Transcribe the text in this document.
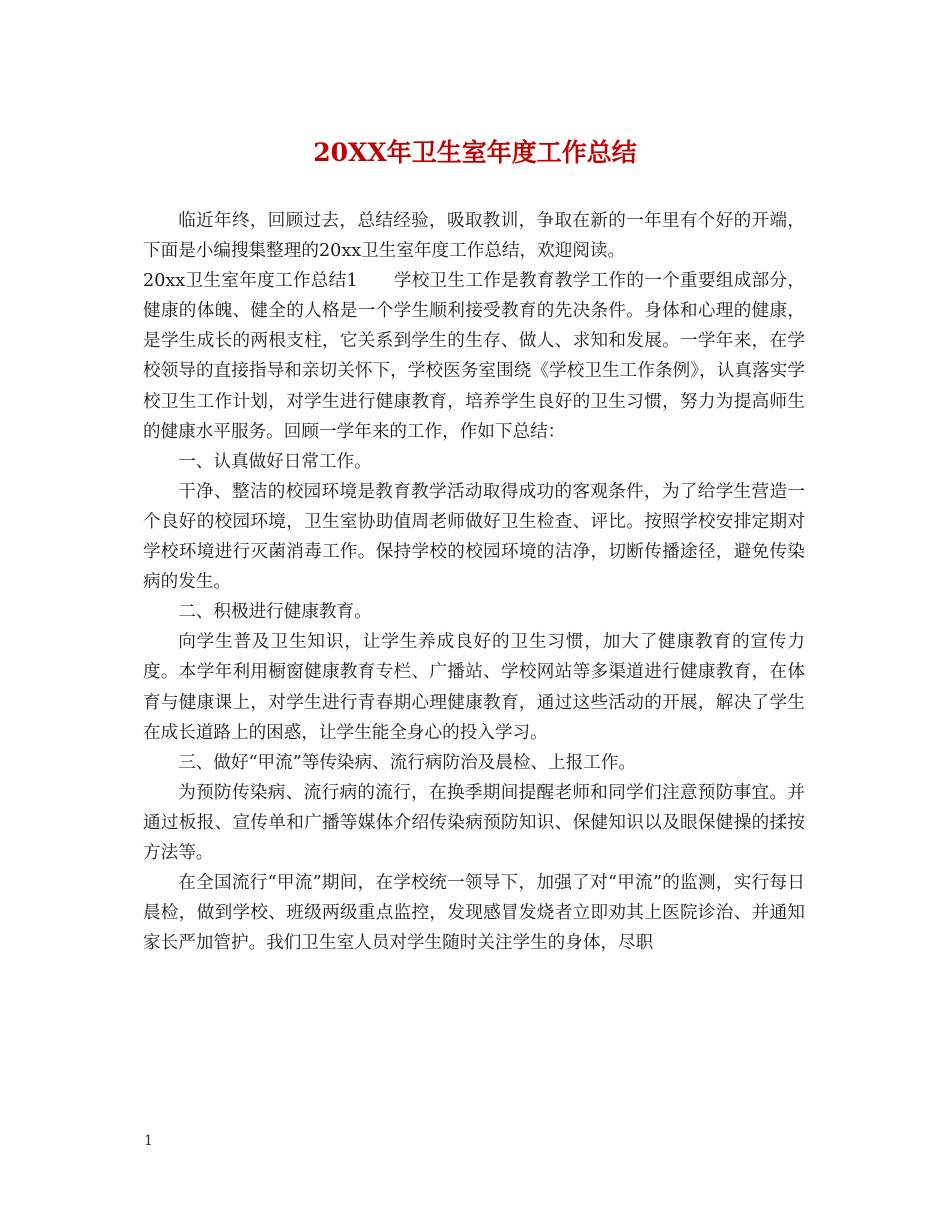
20XX年卫生室年度工作总结

临近年终，回顾过去，总结经验，吸取教训，争取在新的一年里有个好的开端，下面是小编搜集整理的20xx卫生室年度工作总结，欢迎阅读。

20xx卫生室年度工作总结1　　学校卫生工作是教育教学工作的一个重要组成部分，健康的体魄、健全的人格是一个学生顺利接受教育的先决条件。身体和心理的健康，是学生成长的两根支柱，它关系到学生的生存、做人、求知和发展。一学年来，在学校领导的直接指导和亲切关怀下，学校医务室围绕《学校卫生工作条例》，认真落实学校卫生工作计划，对学生进行健康教育，培养学生良好的卫生习惯，努力为提高师生的健康水平服务。回顾一学年来的工作，作如下总结：

一、认真做好日常工作。

干净、整洁的校园环境是教育教学活动取得成功的客观条件，为了给学生营造一个良好的校园环境，卫生室协助值周老师做好卫生检查、评比。按照学校安排定期对学校环境进行灭菌消毒工作。保持学校的校园环境的洁净，切断传播途径，避免传染病的发生。

二、积极进行健康教育。

向学生普及卫生知识，让学生养成良好的卫生习惯，加大了健康教育的宣传力度。本学年利用橱窗健康教育专栏、广播站、学校网站等多渠道进行健康教育，在体育与健康课上，对学生进行青春期心理健康教育，通过这些活动的开展，解决了学生在成长道路上的困惑，让学生能全身心的投入学习。

三、做好“甲流”等传染病、流行病防治及晨检、上报工作。

为预防传染病、流行病的流行，在换季期间提醒老师和同学们注意预防事宜。并通过板报、宣传单和广播等媒体介绍传染病预防知识、保健知识以及眼保健操的揉按方法等。

在全国流行“甲流”期间，在学校统一领导下，加强了对“甲流”的监测，实行每日晨检，做到学校、班级两级重点监控，发现感冒发烧者立即劝其上医院诊治、并通知家长严加管护。我们卫生室人员对学生随时关注学生的身体，尽职

1
